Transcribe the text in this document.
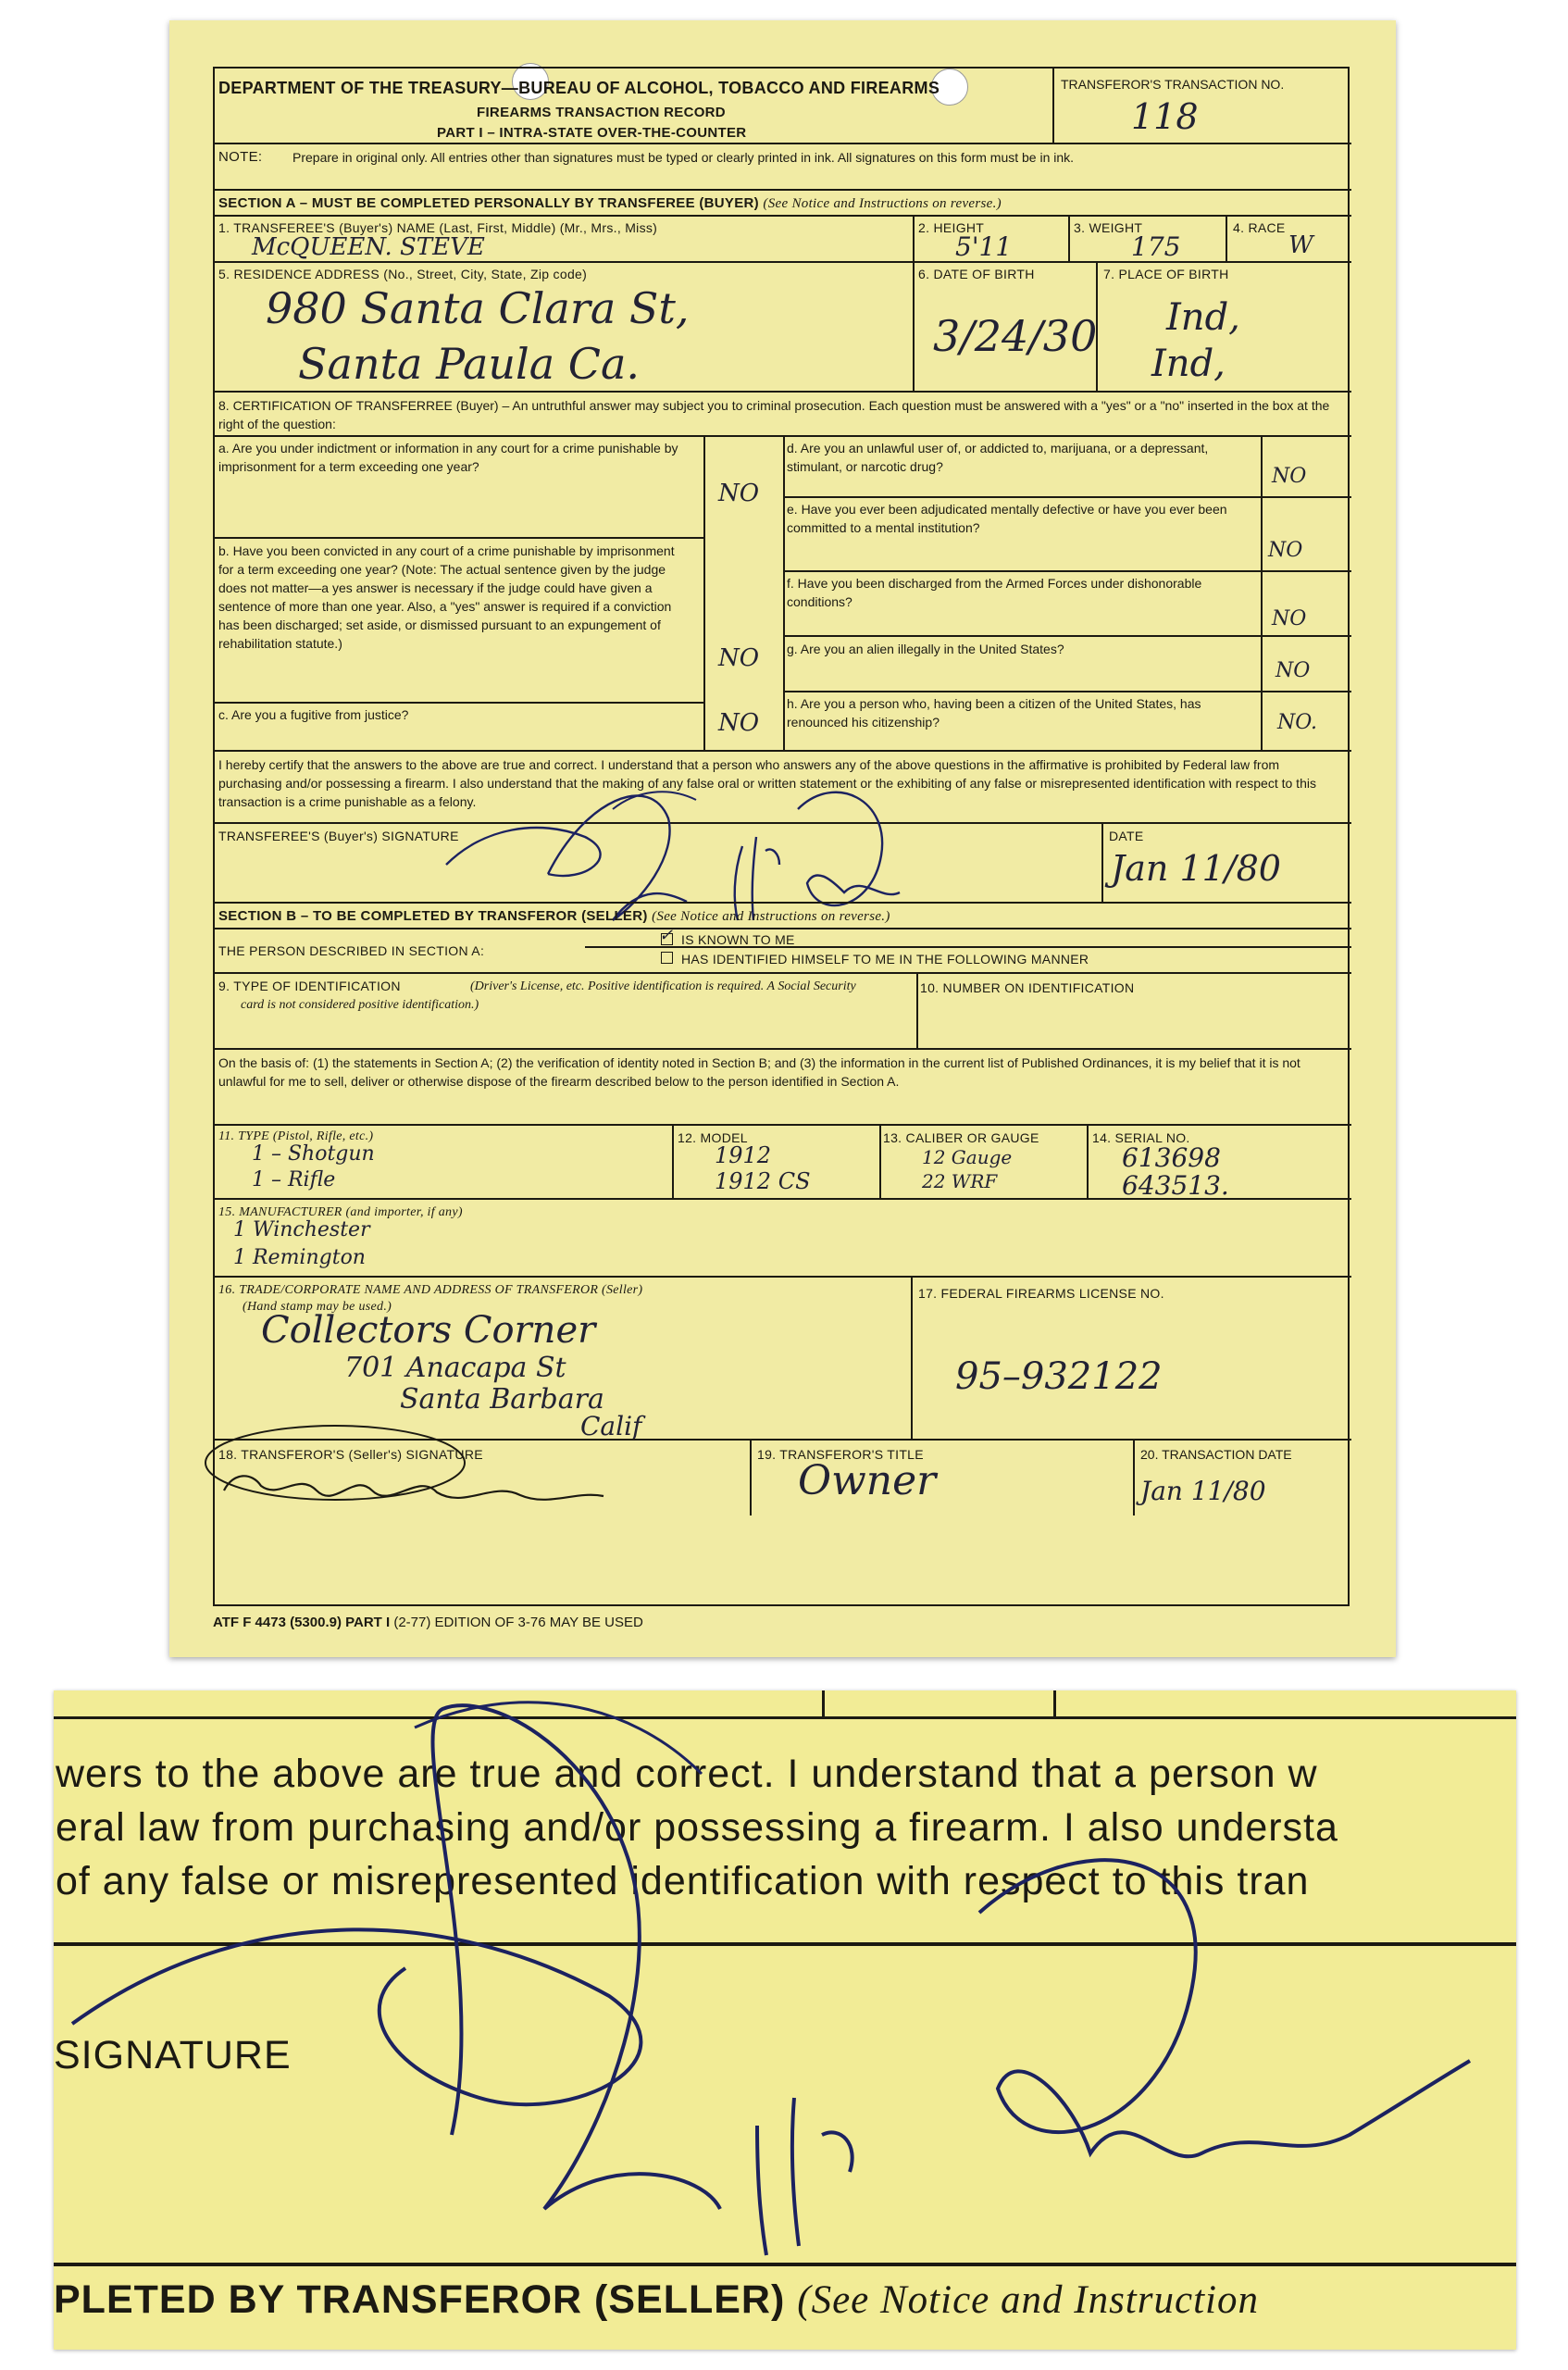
DEPARTMENT OF THE TREASURY—BUREAU OF ALCOHOL, TOBACCO AND FIREARMS
FIREARMS TRANSACTION RECORD
PART I – INTRA-STATE OVER-THE-COUNTER
TRANSFEROR'S TRANSACTION NO.
118
NOTE: Prepare in original only. All entries other than signatures must be typed or clearly printed in ink. All signatures on this form must be in ink.
SECTION A – MUST BE COMPLETED PERSONALLY BY TRANSFEREE (BUYER) (See Notice and Instructions on reverse.)
1. TRANSFEREE'S (Buyer's) NAME (Last, First, Middle) (Mr., Mrs., Miss)
McQUEEN. STEVE
2. HEIGHT
5'11
3. WEIGHT
175
4. RACE
W
5. RESIDENCE ADDRESS (No., Street, City, State, Zip code)
980 Santa Clara St,
Santa Paula Ca.
6. DATE OF BIRTH
3/24/30
7. PLACE OF BIRTH
Ind,
Ind,
8. CERTIFICATION OF TRANSFERREE (Buyer) – An untruthful answer may subject you to criminal prosecution. Each question must be answered with a "yes" or a "no" inserted in the box at the right of the question:
a. Are you under indictment or information in any court for a crime punishable by imprisonment for a term exceeding one year?
NO
b. Have you been convicted in any court of a crime punishable by imprisonment for a term exceeding one year? (Note: The actual sentence given by the judge does not matter—a yes answer is necessary if the judge could have given a sentence of more than one year. Also, a "yes" answer is required if a conviction has been discharged; set aside, or dismissed pursuant to an expungement of rehabilitation statute.)
NO
c. Are you a fugitive from justice?	NO
d. Are you an unlawful user of, or addicted to, marijuana, or a depressant, stimulant, or narcotic drug?	NO
e. Have you ever been adjudicated mentally defective or have you ever been committed to a mental institution?
NO
f. Have you been discharged from the Armed Forces under dishonorable conditions?
NO
g. Are you an alien illegally in the United States?
NO
h. Are you a person who, having been a citizen of the United States, has renounced his citizenship?	NO.
I hereby certify that the answers to the above are true and correct. I understand that a person who answers any of the above questions in the affirmative is prohibited by Federal law from purchasing and/or possessing a firearm. I also understand that the making of any false oral or written statement or the exhibiting of any false or misrepresented identification with respect to this transaction is a crime punishable as a felony.
TRANSFEREE'S (Buyer's) SIGNATURE	DATE
Jan 11/80
SECTION B – TO BE COMPLETED BY TRANSFEROR (SELLER) (See Notice and Instructions on reverse.)
THE PERSON DESCRIBED IN SECTION A:
✓ IS KNOWN TO ME
HAS IDENTIFIED HIMSELF TO ME IN THE FOLLOWING MANNER
9. TYPE OF IDENTIFICATION	(Driver's License, etc. Positive identification is required. A Social Security card is not considered positive identification.)
10. NUMBER ON IDENTIFICATION
On the basis of: (1) the statements in Section A; (2) the verification of identity noted in Section B; and (3) the information in the current list of Published Ordinances, it is my belief that it is not unlawful for me to sell, deliver or otherwise dispose of the firearm described below to the person identified in Section A.
11. TYPE (Pistol, Rifle, etc.)
1 – Shotgun
1 – Rifle
12. MODEL
1912
1912 CS
13. CALIBER OR GAUGE
12 Gauge
22 WRF
14. SERIAL NO.
613698
643513.
15. MANUFACTURER (and importer, if any)
1 Winchester
1 Remington
16. TRADE/CORPORATE NAME AND ADDRESS OF TRANSFEROR (Seller)
(Hand stamp may be used.)
Collectors Corner
701 Anacapa St
Santa Barbara
Calif
17. FEDERAL FIREARMS LICENSE NO.
95–932122
18. TRANSFEROR'S (Seller's) SIGNATURE	19. TRANSFEROR'S TITLE
Owner
20. TRANSACTION DATE
Jan 11/80
ATF F 4473 (5300.9) PART I (2-77) EDITION OF 3-76 MAY BE USED
wers to the above are true and correct. I understand that a person w
eral law from purchasing and/or possessing a firearm. I also understa
of any false or misrepresented identification with respect to this tran
SIGNATURE
PLETED BY TRANSFEROR (SELLER) (See Notice and Instruction
